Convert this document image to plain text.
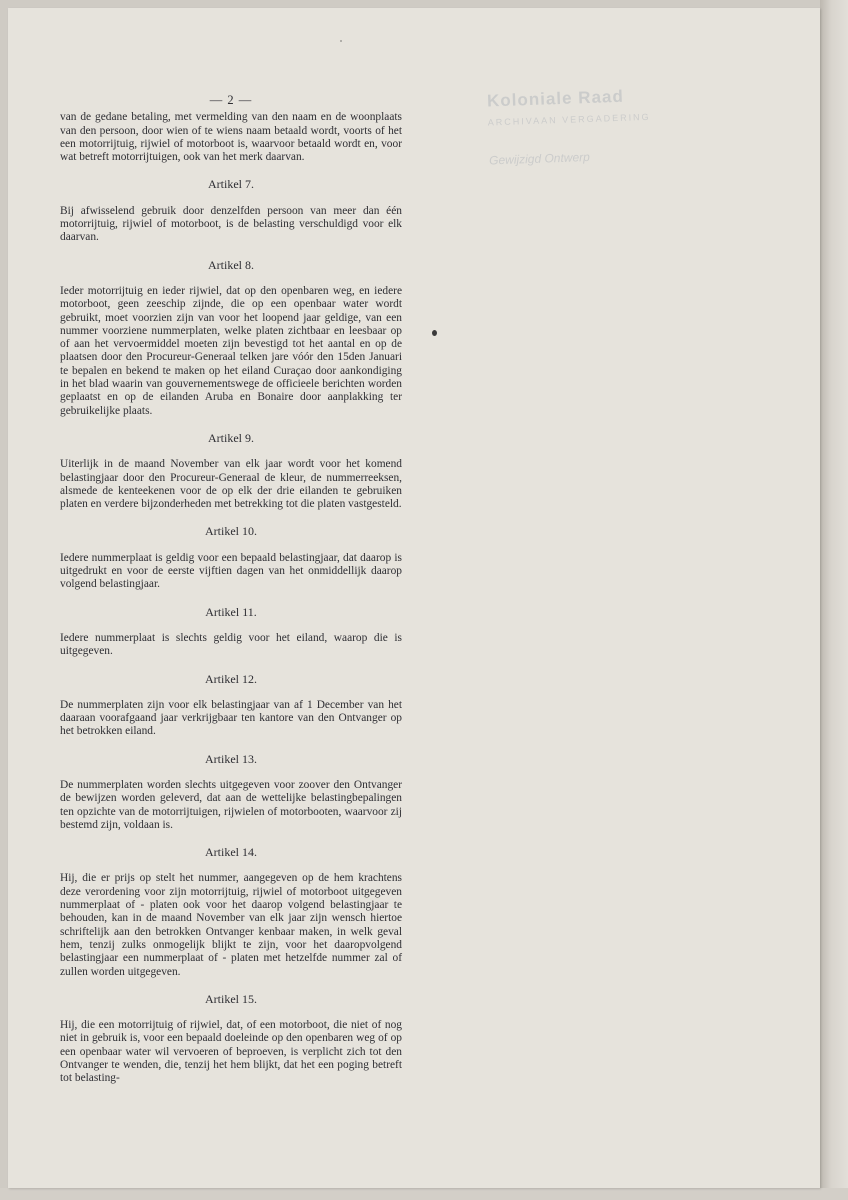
Koloniale Raad
ARCHIVAAN VERGADERING
Gewijzigd Ontwerp
— 2 —

van de gedane betaling, met vermelding van den naam en de woonplaats van den persoon, door wien of te wiens naam betaald wordt, voorts of het een motorrijtuig, rijwiel of motorboot is, waarvoor betaald wordt en, voor wat betreft motorrijtuigen, ook van het merk daarvan.

Artikel 7.

Bij afwisselend gebruik door denzelfden persoon van meer dan één motorrijtuig, rijwiel of motorboot, is de belasting verschuldigd voor elk daarvan.

Artikel 8.

Ieder motorrijtuig en ieder rijwiel, dat op den openbaren weg, en iedere motorboot, geen zeeschip zijnde, die op een openbaar water wordt gebruikt, moet voorzien zijn van voor het loopend jaar geldige, van een nummer voorziene nummerplaten, welke platen zichtbaar en leesbaar op of aan het vervoermiddel moeten zijn bevestigd tot het aantal en op de plaatsen door den Procureur-Generaal telken jare vóór den 15den Januari te bepalen en bekend te maken op het eiland Curaçao door aankondiging in het blad waarin van gouvernementswege de officieele berichten worden geplaatst en op de eilanden Aruba en Bonaire door aanplakking ter gebruikelijke plaats.

Artikel 9.

Uiterlijk in de maand November van elk jaar wordt voor het komend belastingjaar door den Procureur-Generaal de kleur, de nummerreeksen, alsmede de kenteekenen voor de op elk der drie eilanden te gebruiken platen en verdere bijzonderheden met betrekking tot die platen vastgesteld.

Artikel 10.

Iedere nummerplaat is geldig voor een bepaald belastingjaar, dat daarop is uitgedrukt en voor de eerste vijftien dagen van het onmiddellijk daarop volgend belastingjaar.

Artikel 11.

Iedere nummerplaat is slechts geldig voor het eiland, waarop die is uitgegeven.

Artikel 12.

De nummerplaten zijn voor elk belastingjaar van af 1 December van het daaraan voorafgaand jaar verkrijgbaar ten kantore van den Ontvanger op het betrokken eiland.

Artikel 13.

De nummerplaten worden slechts uitgegeven voor zoover den Ontvanger de bewijzen worden geleverd, dat aan de wettelijke belastingbepalingen ten opzichte van de motorrijtuigen, rijwielen of motorbooten, waarvoor zij bestemd zijn, voldaan is.

Artikel 14.

Hij, die er prijs op stelt het nummer, aangegeven op de hem krachtens deze verordening voor zijn motorrijtuig, rijwiel of motorboot uitgegeven nummerplaat of - platen ook voor het daarop volgend belastingjaar te behouden, kan in de maand November van elk jaar zijn wensch hiertoe schriftelijk aan den betrokken Ontvanger kenbaar maken, in welk geval hem, tenzij zulks onmogelijk blijkt te zijn, voor het daaropvolgend belastingjaar een nummerplaat of - platen met hetzelfde nummer zal of zullen worden uitgegeven.

Artikel 15.

Hij, die een motorrijtuig of rijwiel, dat, of een motorboot, die niet of nog niet in gebruik is, voor een bepaald doeleinde op den openbaren weg of op een openbaar water wil vervoeren of beproeven, is verplicht zich tot den Ontvanger te wenden, die, tenzij het hem blijkt, dat het een poging betreft tot belasting-
